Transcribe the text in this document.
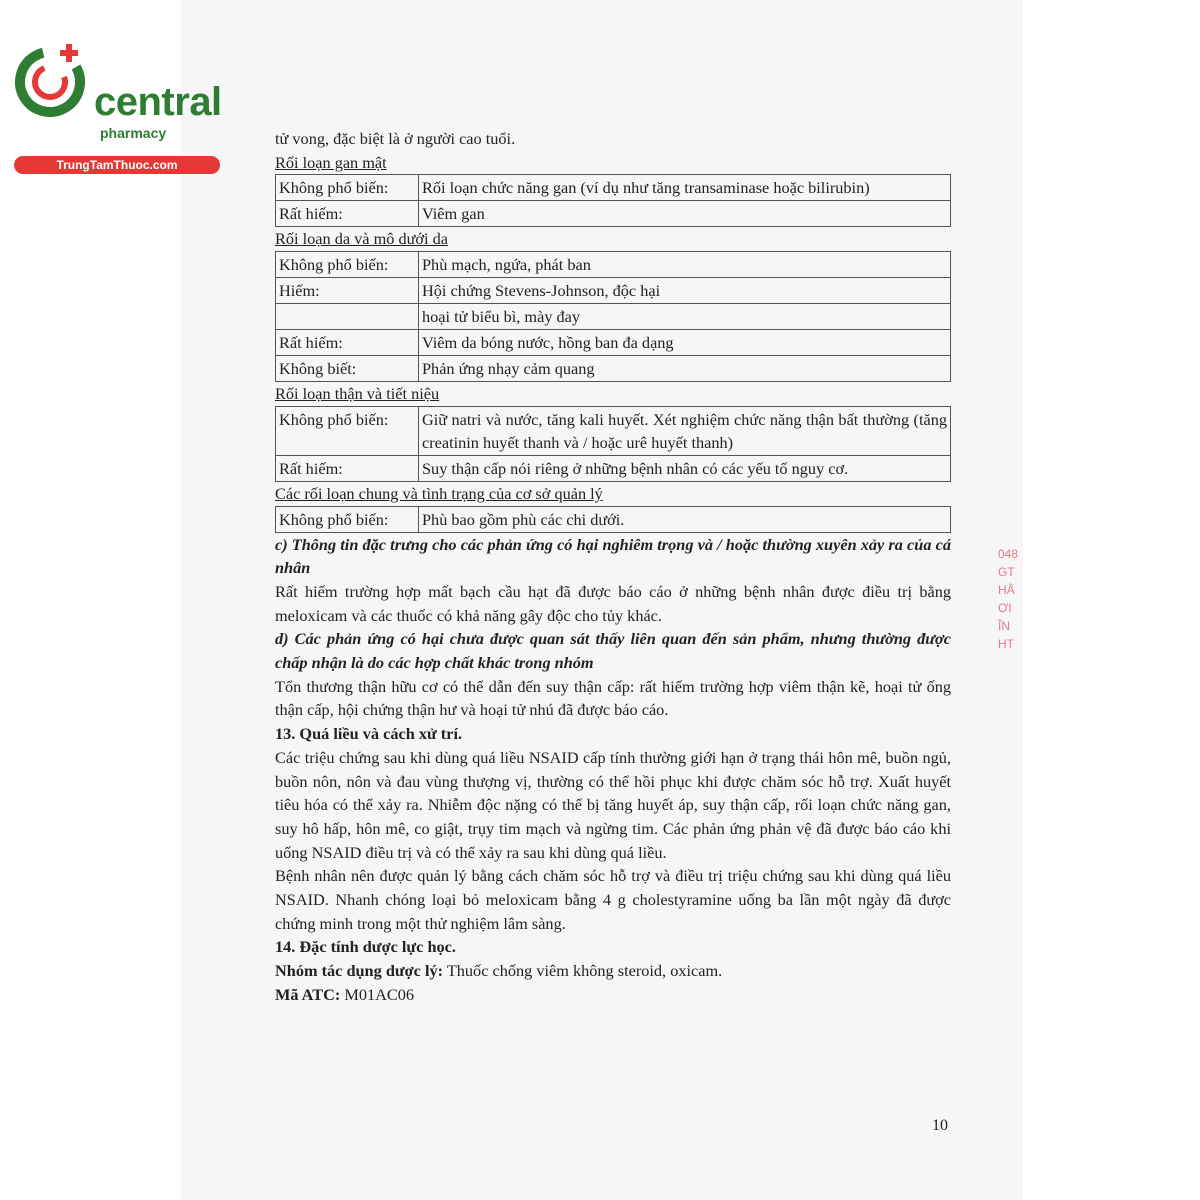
central
pharmacy
TrungTamThuoc.com

tử vong, đặc biệt là ở người cao tuổi.

Rối loạn gan mật
Không phổ biến:	Rối loạn chức năng gan (ví dụ như tăng transaminase hoặc bilirubin)
Rất hiếm:	Viêm gan
Rối loạn da và mô dưới da
Không phổ biến:	Phù mạch, ngứa, phát ban
Hiếm:	Hội chứng Stevens-Johnson, độc hại
	hoại tử biểu bì, mày đay
Rất hiếm:	Viêm da bóng nước, hồng ban đa dạng
Không biết:	Phản ứng nhạy cảm quang
Rối loạn thận và tiết niệu
Không phổ biến:	Giữ natri và nước, tăng kali huyết. Xét nghiệm chức năng thận bất thường (tăng creatinin huyết thanh và / hoặc urê huyết thanh)
Rất hiếm:	Suy thận cấp nói riêng ở những bệnh nhân có các yếu tố nguy cơ.
Các rối loạn chung và tình trạng của cơ sở quản lý
Không phổ biến:	Phù bao gồm phù các chi dưới.

c) Thông tin đặc trưng cho các phản ứng có hại nghiêm trọng và / hoặc thường xuyên xảy ra của cá nhân

Rất hiếm trường hợp mất bạch cầu hạt đã được báo cáo ở những bệnh nhân được điều trị bằng meloxicam và các thuốc có khả năng gây độc cho tủy khác.

d) Các phản ứng có hại chưa được quan sát thấy liên quan đến sản phẩm, nhưng thường được chấp nhận là do các hợp chất khác trong nhóm

Tổn thương thận hữu cơ có thể dẫn đến suy thận cấp: rất hiếm trường hợp viêm thận kẽ, hoại tử ống thận cấp, hội chứng thận hư và hoại tử nhú đã được báo cáo.

13. Quá liều và cách xử trí.

Các triệu chứng sau khi dùng quá liều NSAID cấp tính thường giới hạn ở trạng thái hôn mê, buồn ngủ, buồn nôn, nôn và đau vùng thượng vị, thường có thể hồi phục khi được chăm sóc hỗ trợ. Xuất huyết tiêu hóa có thể xảy ra. Nhiễm độc nặng có thể bị tăng huyết áp, suy thận cấp, rối loạn chức năng gan, suy hô hấp, hôn mê, co giật, trụy tim mạch và ngừng tim. Các phản ứng phản vệ đã được báo cáo khi uống NSAID điều trị và có thể xảy ra sau khi dùng quá liều.

Bệnh nhân nên được quản lý bằng cách chăm sóc hỗ trợ và điều trị triệu chứng sau khi dùng quá liều NSAID. Nhanh chóng loại bỏ meloxicam bằng 4 g cholestyramine uống ba lần một ngày đã được chứng minh trong một thử nghiệm lâm sàng.

14. Đặc tính dược lực học.

Nhóm tác dụng dược lý: Thuốc chống viêm không steroid, oxicam.

Mã ATC: M01AC06

048
GT
HÂ
ƠI
ĨN
HT
10
